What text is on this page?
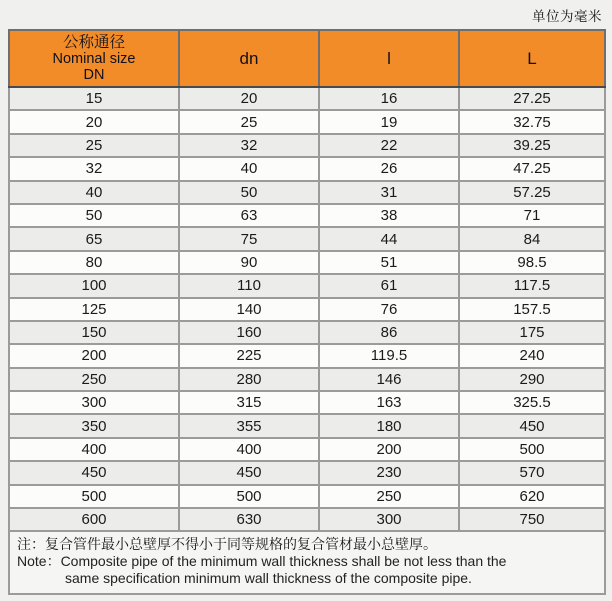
单位为毫米
公称通径
Nominal size
DN	dn	l	L
15	20	16	27.25
20	25	19	32.75
25	32	22	39.25
32	40	26	47.25
40	50	31	57.25
50	63	38	71
65	75	44	84
80	90	51	98.5
100	110	61	117.5
125	140	76	157.5
150	160	86	175
200	225	119.5	240
250	280	146	290
300	315	163	325.5
350	355	180	450
400	400	200	500
450	450	230	570
500	500	250	620
600	630	300	750

注：复合管件最小总壁厚不得小于同等规格的复合管材最小总壁厚。
Note：Composite pipe of the minimum wall thickness shall be not less than the
same specification minimum wall thickness of the composite pipe.			
